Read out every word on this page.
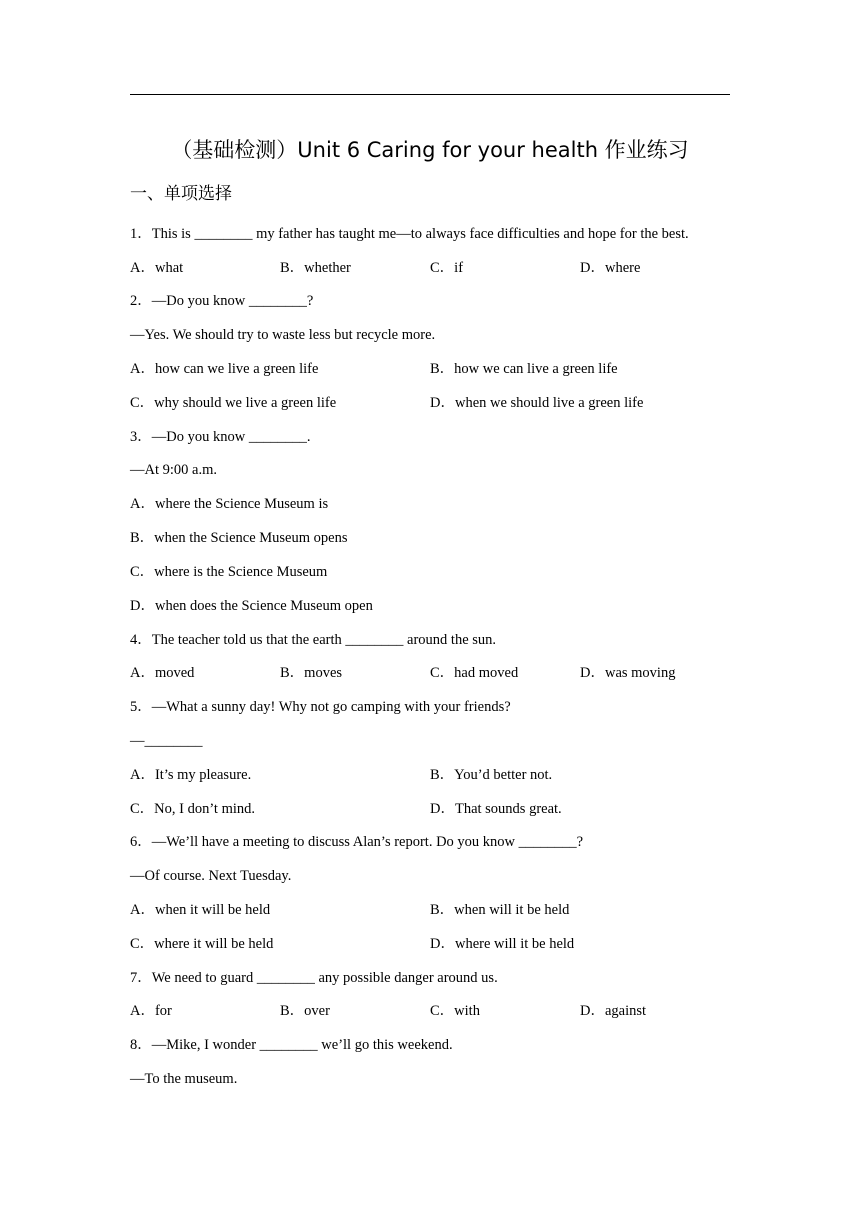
（基础检测）Unit 6 Caring for your health 作业练习
一、单项选择
1．This is ________ my father has taught me—to always face difficulties and hope for the best.
A．what	B．whether	C．if	D．where
2．—Do you know ________?
—Yes. We should try to waste less but recycle more.
A．how can we live a green life	B．how we can live a green life
C．why should we live a green life	D．when we should live a green life
3．—Do you know ________.
—At 9:00 a.m.
A．where the Science Museum is
B．when the Science Museum opens
C．where is the Science Museum
D．when does the Science Museum open
4．The teacher told us that the earth ________ around the sun.
A．moved	B．moves	C．had moved	D．was moving
5．—What a sunny day! Why not go camping with your friends?
—________
A．It’s my pleasure.	B．You’d better not.
C．No, I don’t mind.	D．That sounds great.
6．—We’ll have a meeting to discuss Alan’s report. Do you know ________?
—Of course. Next Tuesday.
A．when it will be held	B．when will it be held
C．where it will be held	D．where will it be held
7．We need to guard ________ any possible danger around us.
A．for	B．over	C．with	D．against
8．—Mike, I wonder ________ we’ll go this weekend.
—To the museum.
